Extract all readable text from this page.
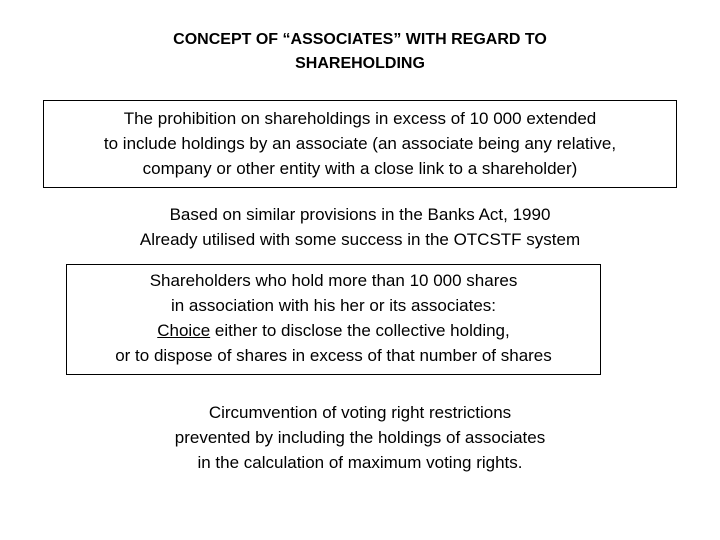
CONCEPT OF “ASSOCIATES” WITH REGARD TO
SHAREHOLDING
The prohibition on shareholdings in excess of 10 000 extended
to include holdings by an associate (an associate being any relative,
company or other entity with a close link to a shareholder)
Based on similar provisions in the Banks Act, 1990
Already utilised with some success in the OTCSTF system
Shareholders who hold more than 10 000 shares
in association with his her or its associates:
Choice either to disclose the collective holding,
or to dispose of shares in excess of that number of shares
Circumvention of voting right restrictions
prevented by including the holdings of associates
in the calculation of maximum voting rights.
